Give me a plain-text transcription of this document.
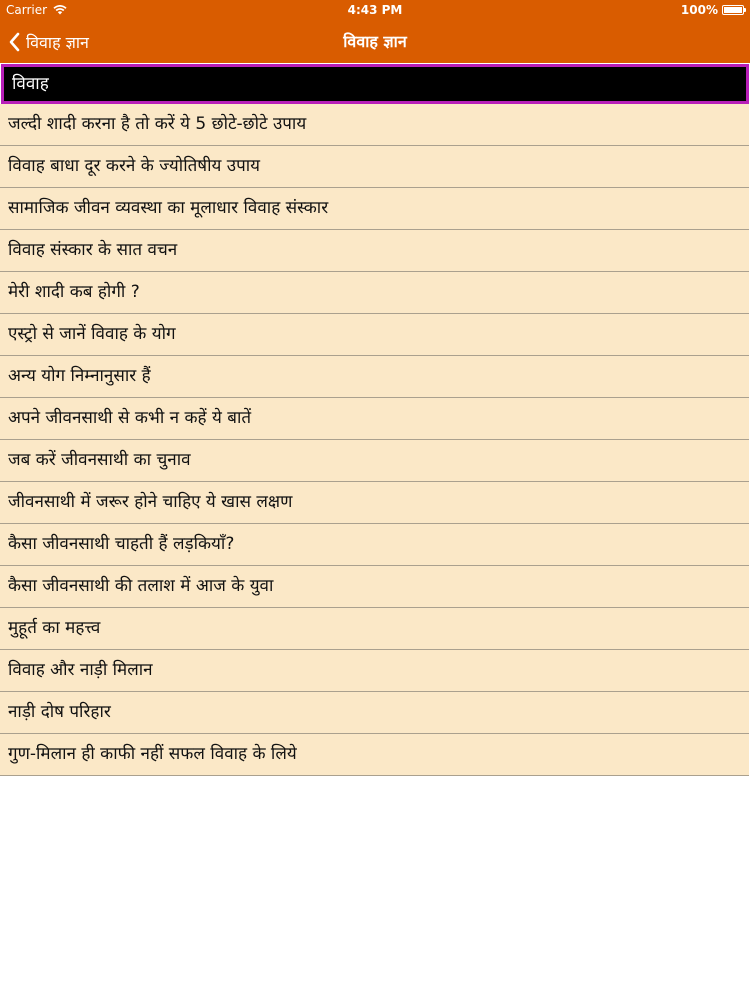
Carrier	4:43 PM	100%
विवाह ज्ञान	विवाह ज्ञान
विवाह
जल्दी शादी करना है तो करें ये 5 छोटे-छोटे उपाय
विवाह बाधा दूर करने के ज्योतिषीय उपाय
सामाजिक जीवन व्यवस्था का मूलाधार विवाह संस्कार
विवाह संस्कार के सात वचन
मेरी शादी कब होगी ?
एस्ट्रो से जानें विवाह के योग
अन्य योग निम्नानुसार हैं
अपने जीवनसाथी से कभी न कहें ये बातें
जब करें जीवनसाथी का चुनाव
जीवनसाथी में जरूर होने चाहिए ये खास लक्षण
कैसा जीवनसाथी चाहती हैं लड़कियाँ?
कैसा जीवनसाथी की तलाश में आज के युवा
मुहूर्त का महत्त्व
विवाह और नाड़ी मिलान
नाड़ी दोष परिहार
गुण-मिलान ही काफी नहीं सफल विवाह के लिये
